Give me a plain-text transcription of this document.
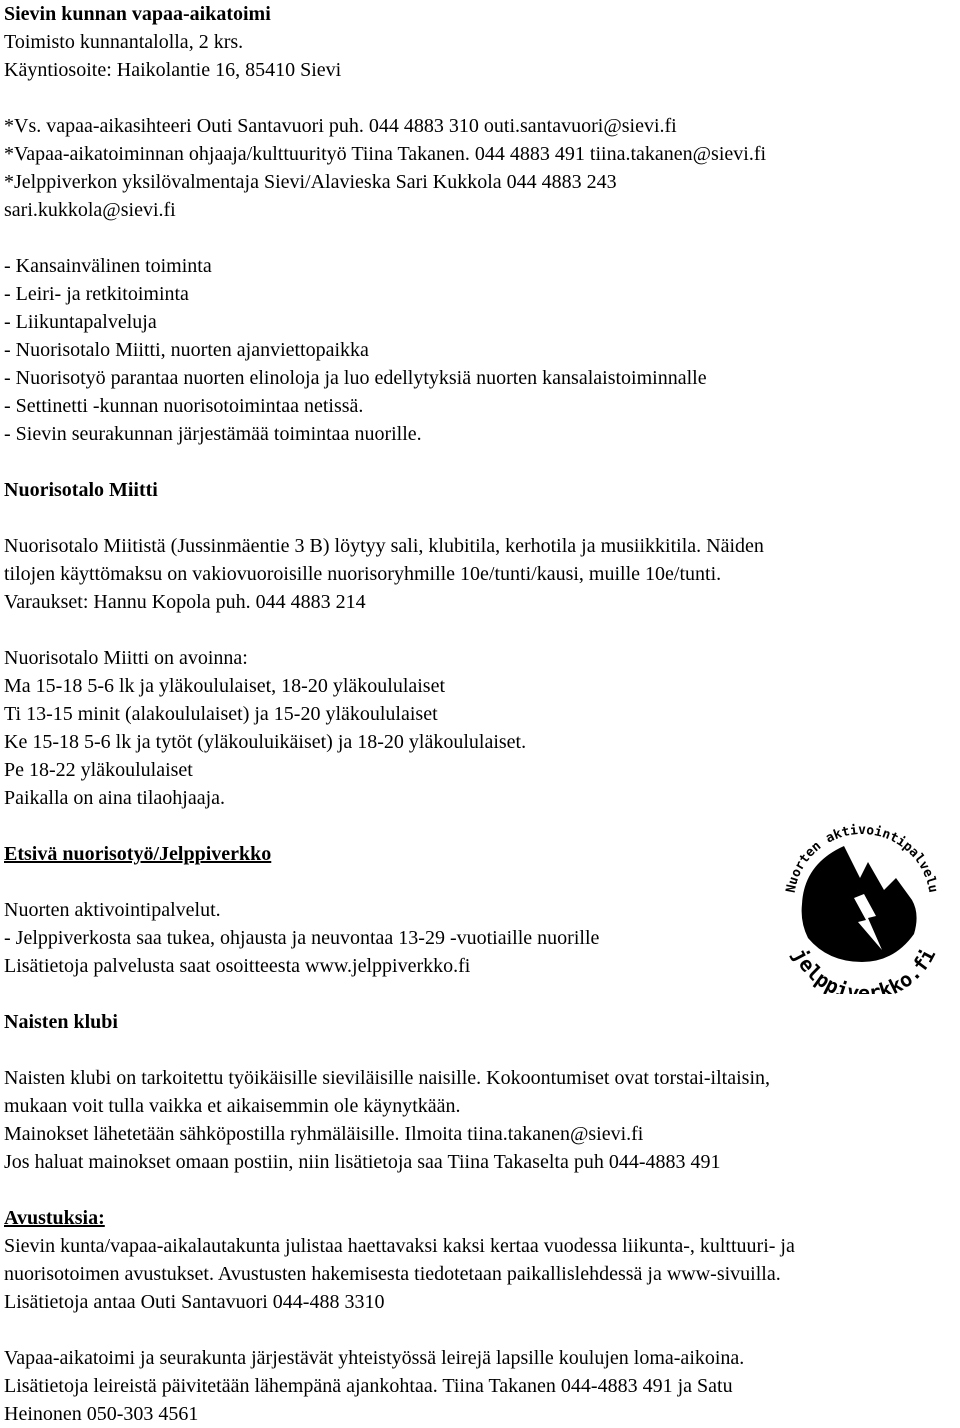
Sievin kunnan vapaa-aikatoimi
Toimisto kunnantalolla, 2 krs.
Käyntiosoite: Haikolantie 16, 85410 Sievi
*Vs. vapaa-aikasihteeri Outi Santavuori puh. 044 4883 310 outi.santavuori@sievi.fi
*Vapaa-aikatoiminnan ohjaaja/kulttuurityö Tiina Takanen. 044 4883 491 tiina.takanen@sievi.fi
*Jelppiverkon yksilövalmentaja Sievi/Alavieska Sari Kukkola 044 4883 243
sari.kukkola@sievi.fi
- Kansainvälinen toiminta
- Leiri- ja retkitoiminta
- Liikuntapalveluja
- Nuorisotalo Miitti, nuorten ajanviettopaikka
- Nuorisotyö parantaa nuorten elinoloja ja luo edellytyksiä nuorten kansalaistoiminnalle
- Settinetti -kunnan nuorisotoimintaa netissä.
- Sievin seurakunnan järjestämää toimintaa nuorille.
Nuorisotalo Miitti
Nuorisotalo Miitistä (Jussinmäentie 3 B) löytyy sali, klubitila, kerhotila ja musiikkitila. Näiden
tilojen käyttömaksu on vakiovuoroisille nuorisoryhmille 10e/tunti/kausi, muille 10e/tunti.
Varaukset: Hannu Kopola puh. 044 4883 214
Nuorisotalo Miitti on avoinna:
Ma 15-18 5-6 lk ja yläkoululaiset, 18-20 yläkoululaiset
Ti 13-15 minit (alakoululaiset) ja 15-20 yläkoululaiset
Ke 15-18 5-6 lk ja tytöt (yläkouluikäiset) ja 18-20 yläkoululaiset.
Pe 18-22 yläkoululaiset
Paikalla on aina tilaohjaaja.
Etsivä nuorisotyö/Jelppiverkko
Nuorten aktivointipalvelut.
- Jelppiverkosta saa tukea, ohjausta ja neuvontaa 13-29 -vuotiaille nuorille
Lisätietoja palvelusta saat osoitteesta www.jelppiverkko.fi
Naisten klubi
Naisten klubi on tarkoitettu työikäisille sieviläisille naisille. Kokoontumiset ovat torstai-iltaisin,
mukaan voit tulla vaikka et aikaisemmin ole käynytkään.
Mainokset lähetetään sähköpostilla ryhmäläisille. Ilmoita tiina.takanen@sievi.fi
Jos haluat mainokset omaan postiin, niin lisätietoja saa Tiina Takaselta puh 044-4883 491
Avustuksia:
Sievin kunta/vapaa-aikalautakunta julistaa haettavaksi kaksi kertaa vuodessa liikunta-, kulttuuri- ja
nuorisotoimen avustukset. Avustusten hakemisesta tiedotetaan paikallislehdessä ja www-sivuilla.
Lisätietoja antaa Outi Santavuori 044-488 3310
Vapaa-aikatoimi ja seurakunta järjestävät yhteistyössä leirejä lapsille koulujen loma-aikoina.
Lisätietoja leireistä päivitetään lähempänä ajankohtaa. Tiina Takanen 044-4883 491 ja Satu
Heinonen 050-303 4561
Nuorten aktivointipalvelu
jelppiverkko.fi
